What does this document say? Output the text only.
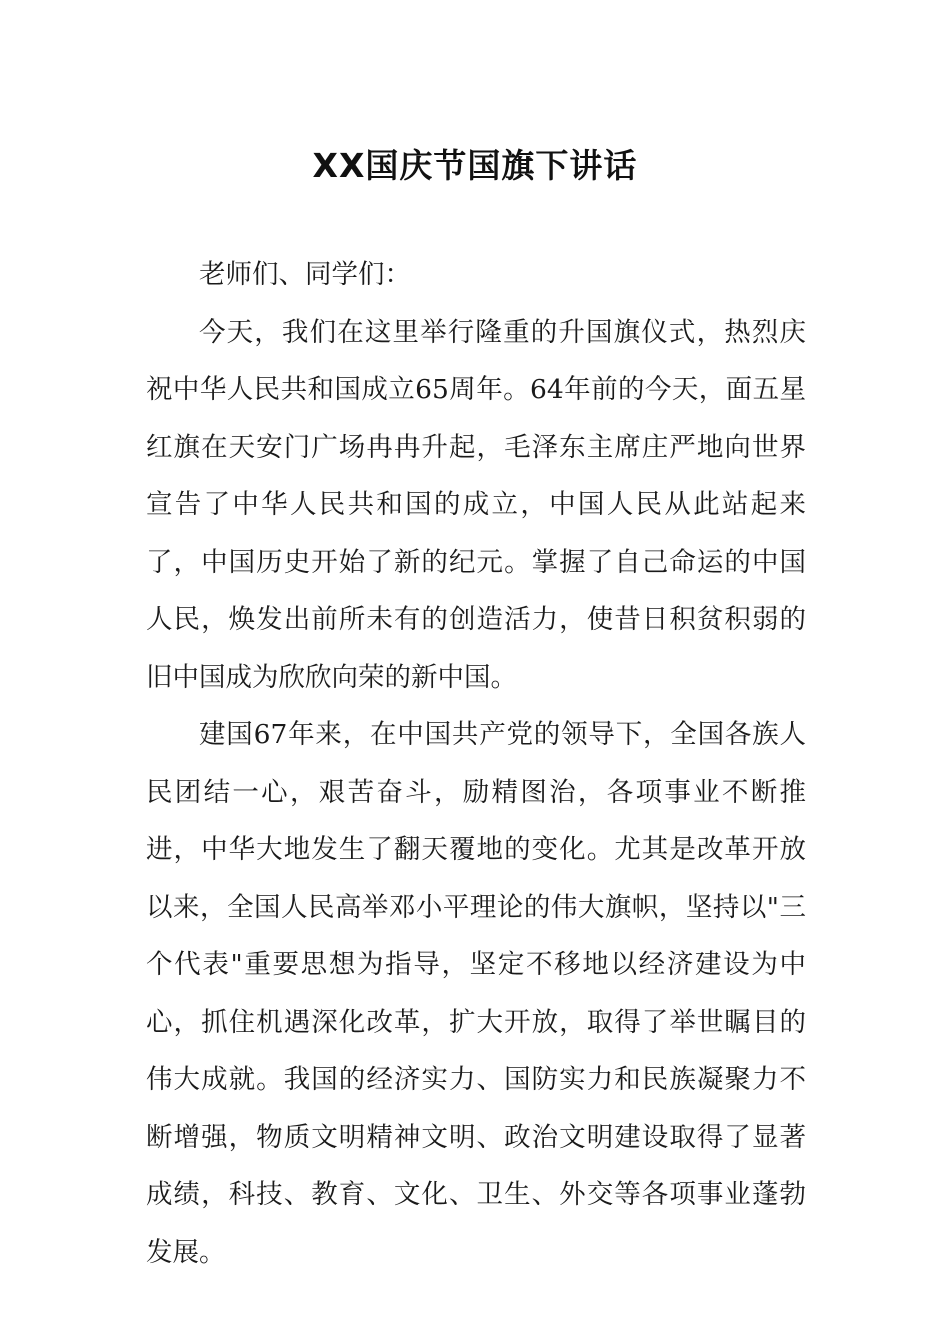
XX国庆节国旗下讲话

老师们、同学们：

今天，我们在这里举行隆重的升国旗仪式，热烈庆祝中华人民共和国成立65周年。64年前的今天，面五星红旗在天安门广场冉冉升起，毛泽东主席庄严地向世界宣告了中华人民共和国的成立，中国人民从此站起来了，中国历史开始了新的纪元。掌握了自己命运的中国人民，焕发出前所未有的创造活力，使昔日积贫积弱的旧中国成为欣欣向荣的新中国。

建国67年来，在中国共产党的领导下，全国各族人民团结一心，艰苦奋斗，励精图治，各项事业不断推进，中华大地发生了翻天覆地的变化。尤其是改革开放以来，全国人民高举邓小平理论的伟大旗帜，坚持以"三个代表"重要思想为指导，坚定不移地以经济建设为中心，抓住机遇深化改革，扩大开放，取得了举世瞩目的伟大成就。我国的经济实力、国防实力和民族凝聚力不断增强，物质文明精神文明、政治文明建设取得了显著成绩，科技、教育、文化、卫生、外交等各项事业蓬勃发展。
